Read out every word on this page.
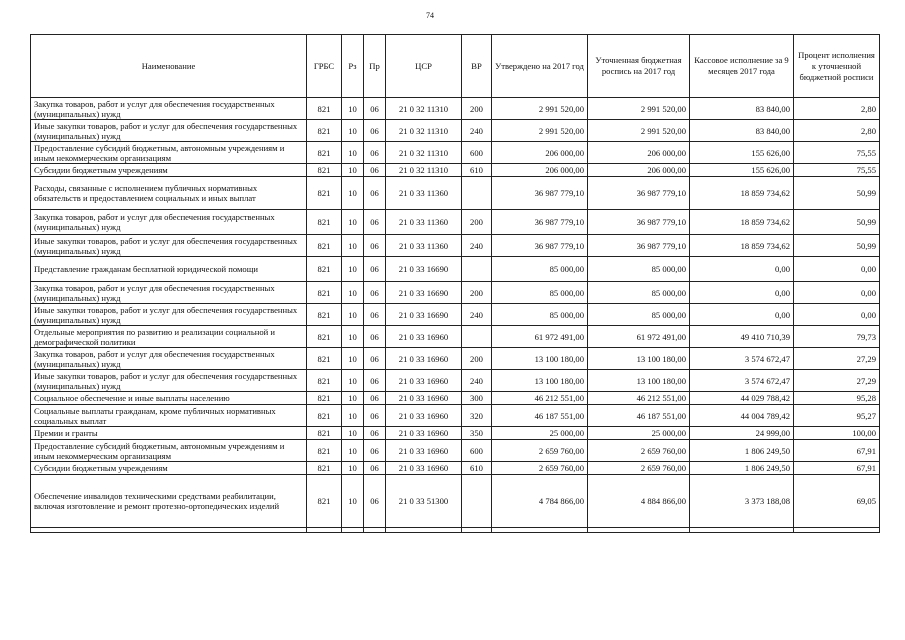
74
Наименование	ГРБС	Рз	Пр	ЦСР	ВР	Утверждено на 2017 год	Уточненная бюджетная роспись на 2017 год	Кассовое исполнение за 9 месяцев 2017 года	Процент исполнения к уточненной бюджетной росписи
Закупка товаров, работ и услуг для обеспечения государственных (муниципальных) нужд	821	10	06	21 0 32 11310	200	2 991 520,00	2 991 520,00	83 840,00	2,80
Иные закупки товаров, работ и услуг для обеспечения государственных (муниципальных) нужд	821	10	06	21 0 32 11310	240	2 991 520,00	2 991 520,00	83 840,00	2,80
Предоставление субсидий бюджетным, автономным учреждениям и иным некоммерческим организациям	821	10	06	21 0 32 11310	600	206 000,00	206 000,00	155 626,00	75,55
Субсидии бюджетным учреждениям	821	10	06	21 0 32 11310	610	206 000,00	206 000,00	155 626,00	75,55
Расходы, связанные с исполнением публичных нормативных обязательств и предоставлением социальных и иных выплат	821	10	06	21 0 33 11360		36 987 779,10	36 987 779,10	18 859 734,62	50,99
Закупка товаров, работ и услуг для обеспечения государственных (муниципальных) нужд	821	10	06	21 0 33 11360	200	36 987 779,10	36 987 779,10	18 859 734,62	50,99
Иные закупки товаров, работ и услуг для обеспечения государственных (муниципальных) нужд	821	10	06	21 0 33 11360	240	36 987 779,10	36 987 779,10	18 859 734,62	50,99
Представление гражданам бесплатной юридической помощи	821	10	06	21 0 33 16690		85 000,00	85 000,00	0,00	0,00
Закупка товаров, работ и услуг для обеспечения государственных (муниципальных) нужд	821	10	06	21 0 33 16690	200	85 000,00	85 000,00	0,00	0,00
Иные закупки товаров, работ и услуг для обеспечения государственных (муниципальных) нужд	821	10	06	21 0 33 16690	240	85 000,00	85 000,00	0,00	0,00
Отдельные мероприятия по развитию и реализации социальной и демографической политики	821	10	06	21 0 33 16960		61 972 491,00	61 972 491,00	49 410 710,39	79,73
Закупка товаров, работ и услуг для обеспечения государственных (муниципальных) нужд	821	10	06	21 0 33 16960	200	13 100 180,00	13 100 180,00	3 574 672,47	27,29
Иные закупки товаров, работ и услуг для обеспечения государственных (муниципальных) нужд	821	10	06	21 0 33 16960	240	13 100 180,00	13 100 180,00	3 574 672,47	27,29
Социальное обеспечение и иные выплаты населению	821	10	06	21 0 33 16960	300	46 212 551,00	46 212 551,00	44 029 788,42	95,28
Социальные выплаты гражданам, кроме публичных нормативных социальных выплат	821	10	06	21 0 33 16960	320	46 187 551,00	46 187 551,00	44 004 789,42	95,27
Премии и гранты	821	10	06	21 0 33 16960	350	25 000,00	25 000,00	24 999,00	100,00
Предоставление субсидий бюджетным, автономным учреждениям и иным некоммерческим организациям	821	10	06	21 0 33 16960	600	2 659 760,00	2 659 760,00	1 806 249,50	67,91
Субсидии бюджетным учреждениям	821	10	06	21 0 33 16960	610	2 659 760,00	2 659 760,00	1 806 249,50	67,91
Обеспечение инвалидов техническими средствами реабилитации, включая изготовление и ремонт протезно-ортопедических изделий	821	10	06	21 0 33 51300		4 784 866,00	4 884 866,00	3 373 188,08	69,05
